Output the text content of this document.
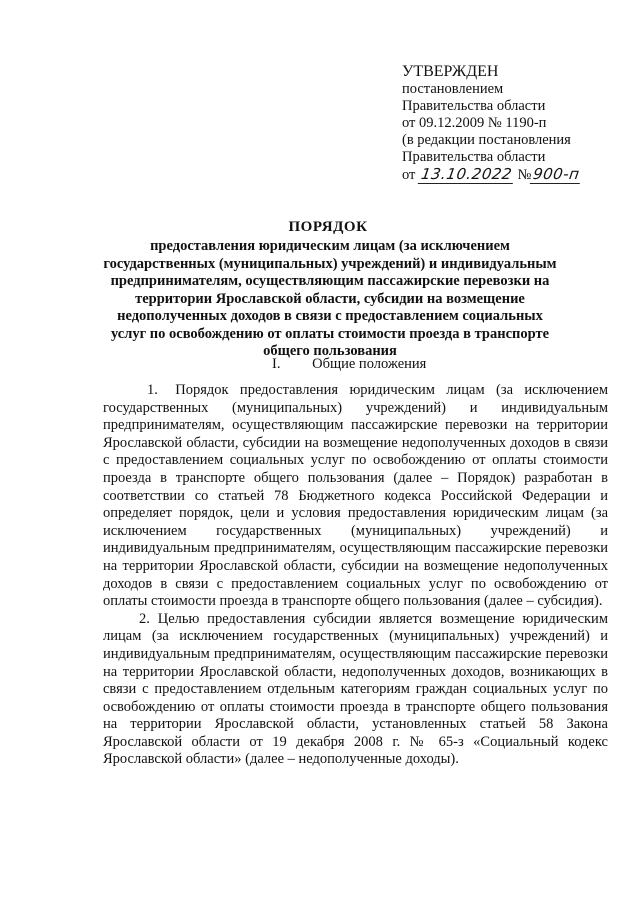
УТВЕРЖДЕН
постановлением
Правительства области
от 09.12.2009 № 1190-п
(в редакции постановления
Правительства области
от 13.10.2022 №900-п
ПОРЯДОК
предоставления юридическим лицам (за исключением государственных (муниципальных) учреждений) и индивидуальным предпринимателям, осуществляющим пассажирские перевозки на территории Ярославской области, субсидии на возмещение недополученных доходов в связи с предоставлением социальных услуг по освобождению от оплаты стоимости проезда в транспорте общего пользования
I. Общие положения

1. Порядок предоставления юридическим лицам (за исключением государственных (муниципальных) учреждений) и индивидуальным предпринимателям, осуществляющим пассажирские перевозки на территории Ярославской области, субсидии на возмещение недополученных доходов в связи с предоставлением социальных услуг по освобождению от оплаты стоимости проезда в транспорте общего пользования (далее – Порядок) разработан в соответствии со статьей 78 Бюджетного кодекса Российской Федерации и определяет порядок, цели и условия предоставления юридическим лицам (за исключением государственных (муниципальных) учреждений) и индивидуальным предпринимателям, осуществляющим пассажирские перевозки на территории Ярославской области, субсидии на возмещение недополученных доходов в связи с предоставлением социальных услуг по освобождению от оплаты стоимости проезда в транспорте общего пользования (далее – субсидия).

2. Целью предоставления субсидии является возмещение юридическим лицам (за исключением государственных (муниципальных) учреждений) и индивидуальным предпринимателям, осуществляющим пассажирские перевозки на территории Ярославской области, недополученных доходов, возникающих в связи с предоставлением отдельным категориям граждан социальных услуг по освобождению от оплаты стоимости проезда в транспорте общего пользования на территории Ярославской области, установленных статьей 58 Закона Ярославской области от 19 декабря 2008 г. № 65-з «Социальный кодекс Ярославской области» (далее – недополученные доходы).
